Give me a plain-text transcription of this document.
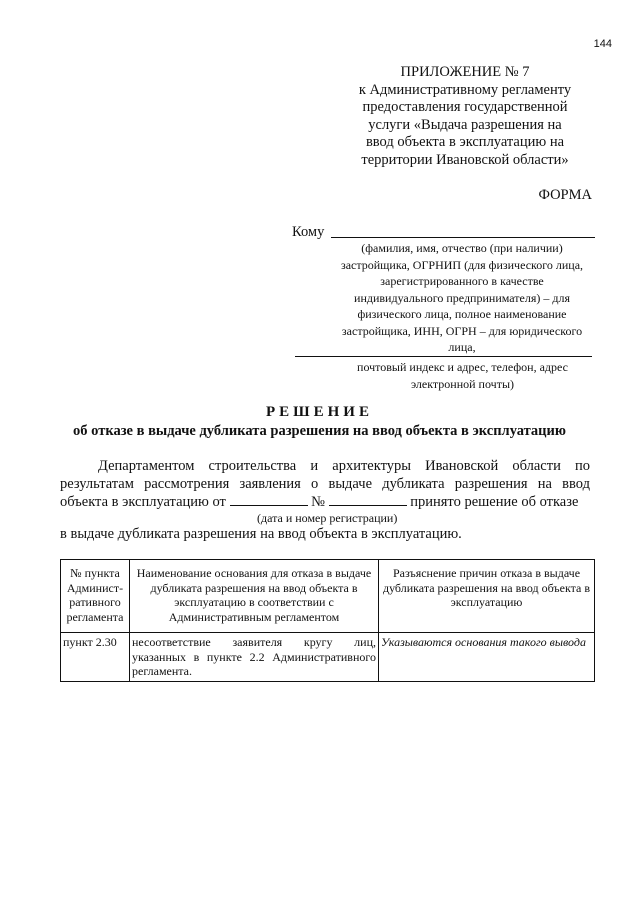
144
ПРИЛОЖЕНИЕ № 7
к Административному регламенту
предоставления государственной
услуги «Выдача разрешения на
ввод объекта в эксплуатацию на
территории Ивановской области»
ФОРМА
Кому
(фамилия, имя, отчество (при наличии)
застройщика, ОГРНИП (для физического лица,
зарегистрированного в качестве
индивидуального предпринимателя) – для
физического лица, полное наименование
застройщика, ИНН, ОГРН – для юридического
лица,
почтовый индекс и адрес, телефон, адрес
электронной почты)
РЕШЕНИЕ
об отказе в выдаче дубликата разрешения на ввод объекта в эксплуатацию
Департаментом строительства и архитектуры Ивановской области по
результатам рассмотрения заявления о выдаче дубликата разрешения на ввод
объекта в эксплуатацию от	№	принято решение об отказе
(дата и номер регистрации)
в выдаче дубликата разрешения на ввод объекта в эксплуатацию.
№ пункта Админист-ративного регламента	Наименование основания для отказа в выдаче дубликата разрешения на ввод объекта в эксплуатацию в соответствии с Административным регламентом	Разъяснение причин отказа в выдаче дубликата разрешения на ввод объекта в эксплуатацию
пункт 2.30	несоответствие заявителя кругу лиц, указанных в пункте 2.2 Административного регламента.	Указываются основания такого вывода
